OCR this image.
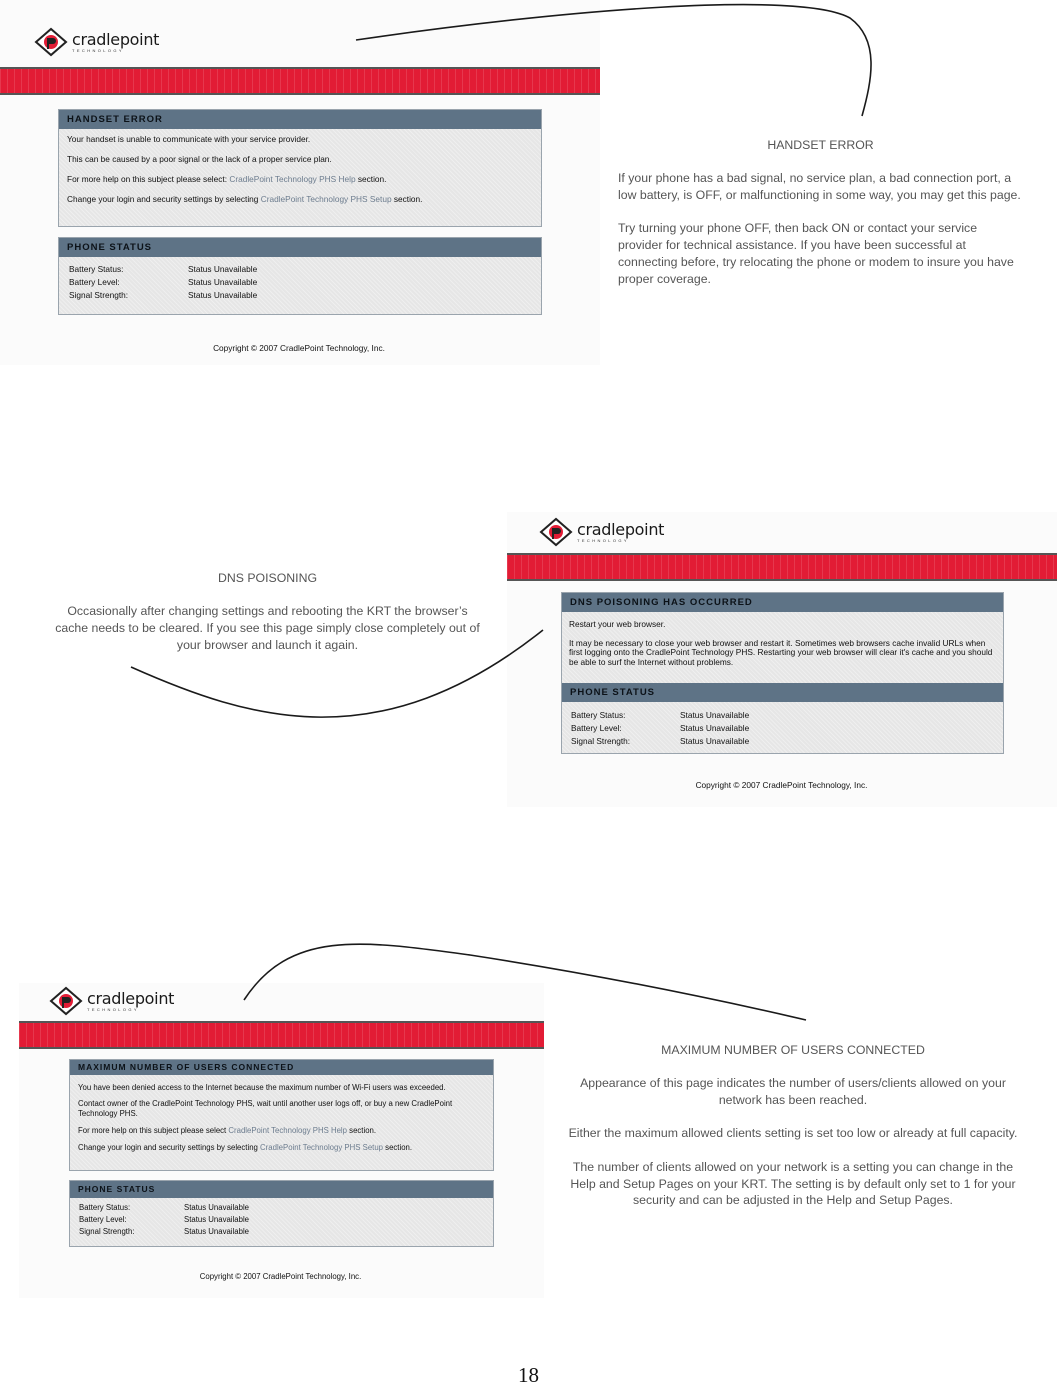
cradlepoint
TECHNOLOGY
HANDSET ERROR

Your handset is unable to communicate with your service provider.

This can be caused by a poor signal or the lack of a proper service plan.

For more help on this subject please select: CradlePoint Technology PHS Help section.

Change your login and security settings by selecting CradlePoint Technology PHS Setup section.

PHONE STATUS
Battery Status:	Status Unavailable
Battery Level:	Status Unavailable
Signal Strength:	Status Unavailable
Copyright © 2007 CradlePoint Technology, Inc.
HANDSET ERROR

If your phone has a bad signal, no service plan, a bad connection port, a low battery, is OFF, or malfunctioning in some way, you may get this page.

Try turning your phone OFF, then back ON or contact your service provider for technical assistance. If you have been successful at connecting before, try relocating the phone or modem to insure you have proper coverage.

cradlepoint
TECHNOLOGY
DNS POISONING HAS OCCURRED

Restart your web browser.

It may be necessary to close your web browser and restart it. Sometimes web browsers cache invalid URLs when first logging onto the CradlePoint Technology PHS. Restarting your web browser will clear it's cache and you should be able to surf the Internet without problems.

PHONE STATUS
Battery Status:	Status Unavailable
Battery Level:	Status Unavailable
Signal Strength:	Status Unavailable
Copyright © 2007 CradlePoint Technology, Inc.
DNS POISONING

Occasionally after changing settings and rebooting the KRT the browser’s cache needs to be cleared. If you see this page simply close completely out of your browser and launch it again.

cradlepoint
TECHNOLOGY
MAXIMUM NUMBER OF USERS CONNECTED

You have been denied access to the Internet because the maximum number of Wi-Fi users was exceeded.

Contact owner of the CradlePoint Technology PHS, wait until another user logs off, or buy a new CradlePoint Technology PHS.

For more help on this subject please select CradlePoint Technology PHS Help section.

Change your login and security settings by selecting CradlePoint Technology PHS Setup section.

PHONE STATUS
Battery Status:	Status Unavailable
Battery Level:	Status Unavailable
Signal Strength:	Status Unavailable
Copyright © 2007 CradlePoint Technology, Inc.
MAXIMUM NUMBER OF USERS CONNECTED

Appearance of this page indicates the number of users/clients allowed on your network has been reached.

Either the maximum allowed clients setting is set too low or already at full capacity.

The number of clients allowed on your network is a setting you can change in the Help and Setup Pages on your KRT. The setting is by default only set to 1 for your security and can be adjusted in the Help and Setup Pages.

18
